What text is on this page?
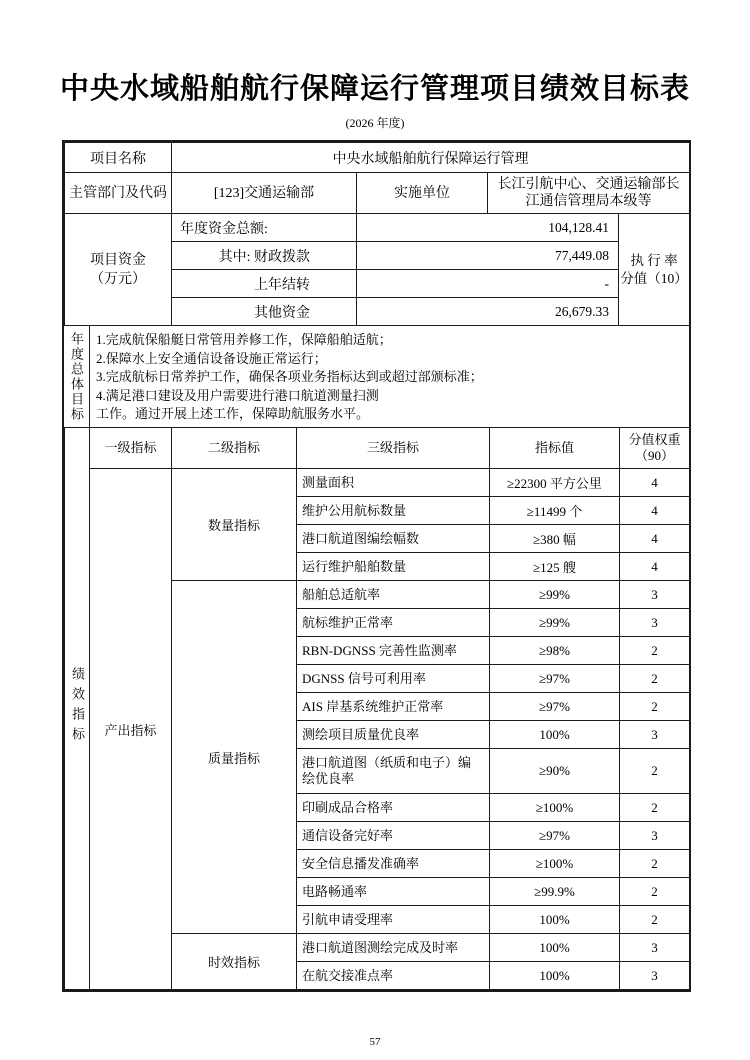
中央水域船舶航行保障运行管理项目绩效目标表
(2026 年度)
项目名称	中央水域船舶航行保障运行管理			
主管部门及代码	[123]交通运输部	实施单位	长江引航中心、交通运输部长江通信管理局本级等	
项目资金
（万元）	年度资金总额:	104,128.41		执 行 率
分值（10）
	其中: 财政拨款	77,449.08		
	上年结转	-		
	其他资金	26,679.33		
年度总体目标 1.完成航保船艇日常管用养修工作，保障船舶适航；
2.保障水上安全通信设备设施正常运行；
3.完成航标日常养护工作，确保各项业务指标达到或超过部颁标准；
4.满足港口建设及用户需要进行港口航道测量扫测
工作。通过开展上述工作，保障助航服务水平。
绩效指标	一级指标	二级指标	三级指标	指标值	分值权重
（90）
	产出指标	数量指标	测量面积	≥22300 平方公里	4
			维护公用航标数量	≥11499 个	4
			港口航道图编绘幅数	≥380 幅	4
			运行维护船舶数量	≥125 艘	4
		质量指标	船舶总适航率	≥99%	3
			航标维护正常率	≥99%	3
			RBN-DGNSS 完善性监测率	≥98%	2
			DGNSS 信号可利用率	≥97%	2
			AIS 岸基系统维护正常率	≥97%	2
			测绘项目质量优良率	100%	3
			港口航道图（纸质和电子）编绘优良率	≥90%	2
			印刷成品合格率	≥100%	2
			通信设备完好率	≥97%	3
			安全信息播发准确率	≥100%	2
			电路畅通率	≥99.9%	2
			引航申请受理率	100%	2
		时效指标	港口航道图测绘完成及时率	100%	3
			在航交接准点率	100%	3
57
